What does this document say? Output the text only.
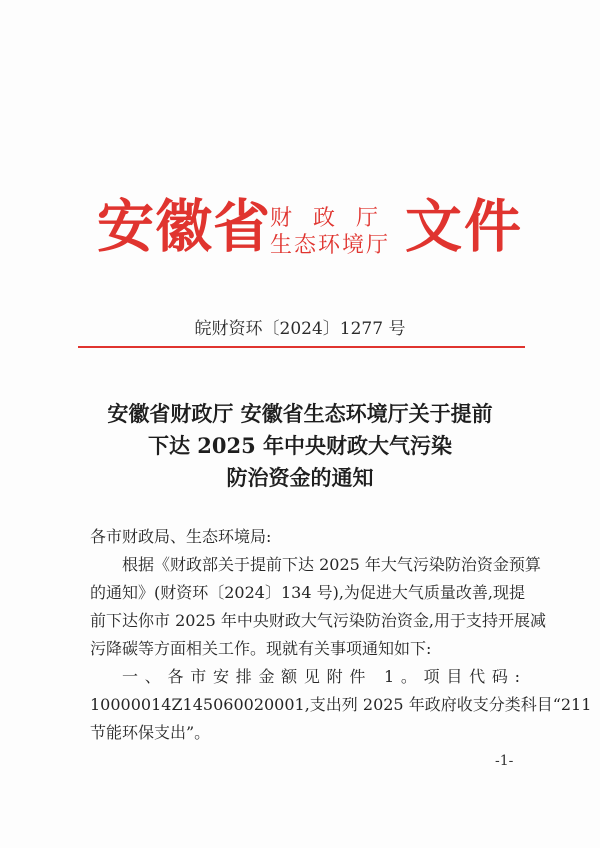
安徽省 财政厅
生态环境厅 文件
皖财资环〔2024〕1277 号
安徽省财政厅 安徽省生态环境厅关于提前
下达 2025 年中央财政大气污染
防治资金的通知
各市财政局、生态环境局:
根据《财政部关于提前下达 2025 年大气污染防治资金预算
的通知》(财资环〔2024〕134 号),为促进大气质量改善,现提
前下达你市 2025 年中央财政大气污染防治资金,用于支持开展减
污降碳等方面相关工作。现就有关事项通知如下:
一、各市安排金额见附件 1。项目代码:
10000014Z145060020001,支出列 2025 年政府收支分类科目“211
节能环保支出”。
-1-
